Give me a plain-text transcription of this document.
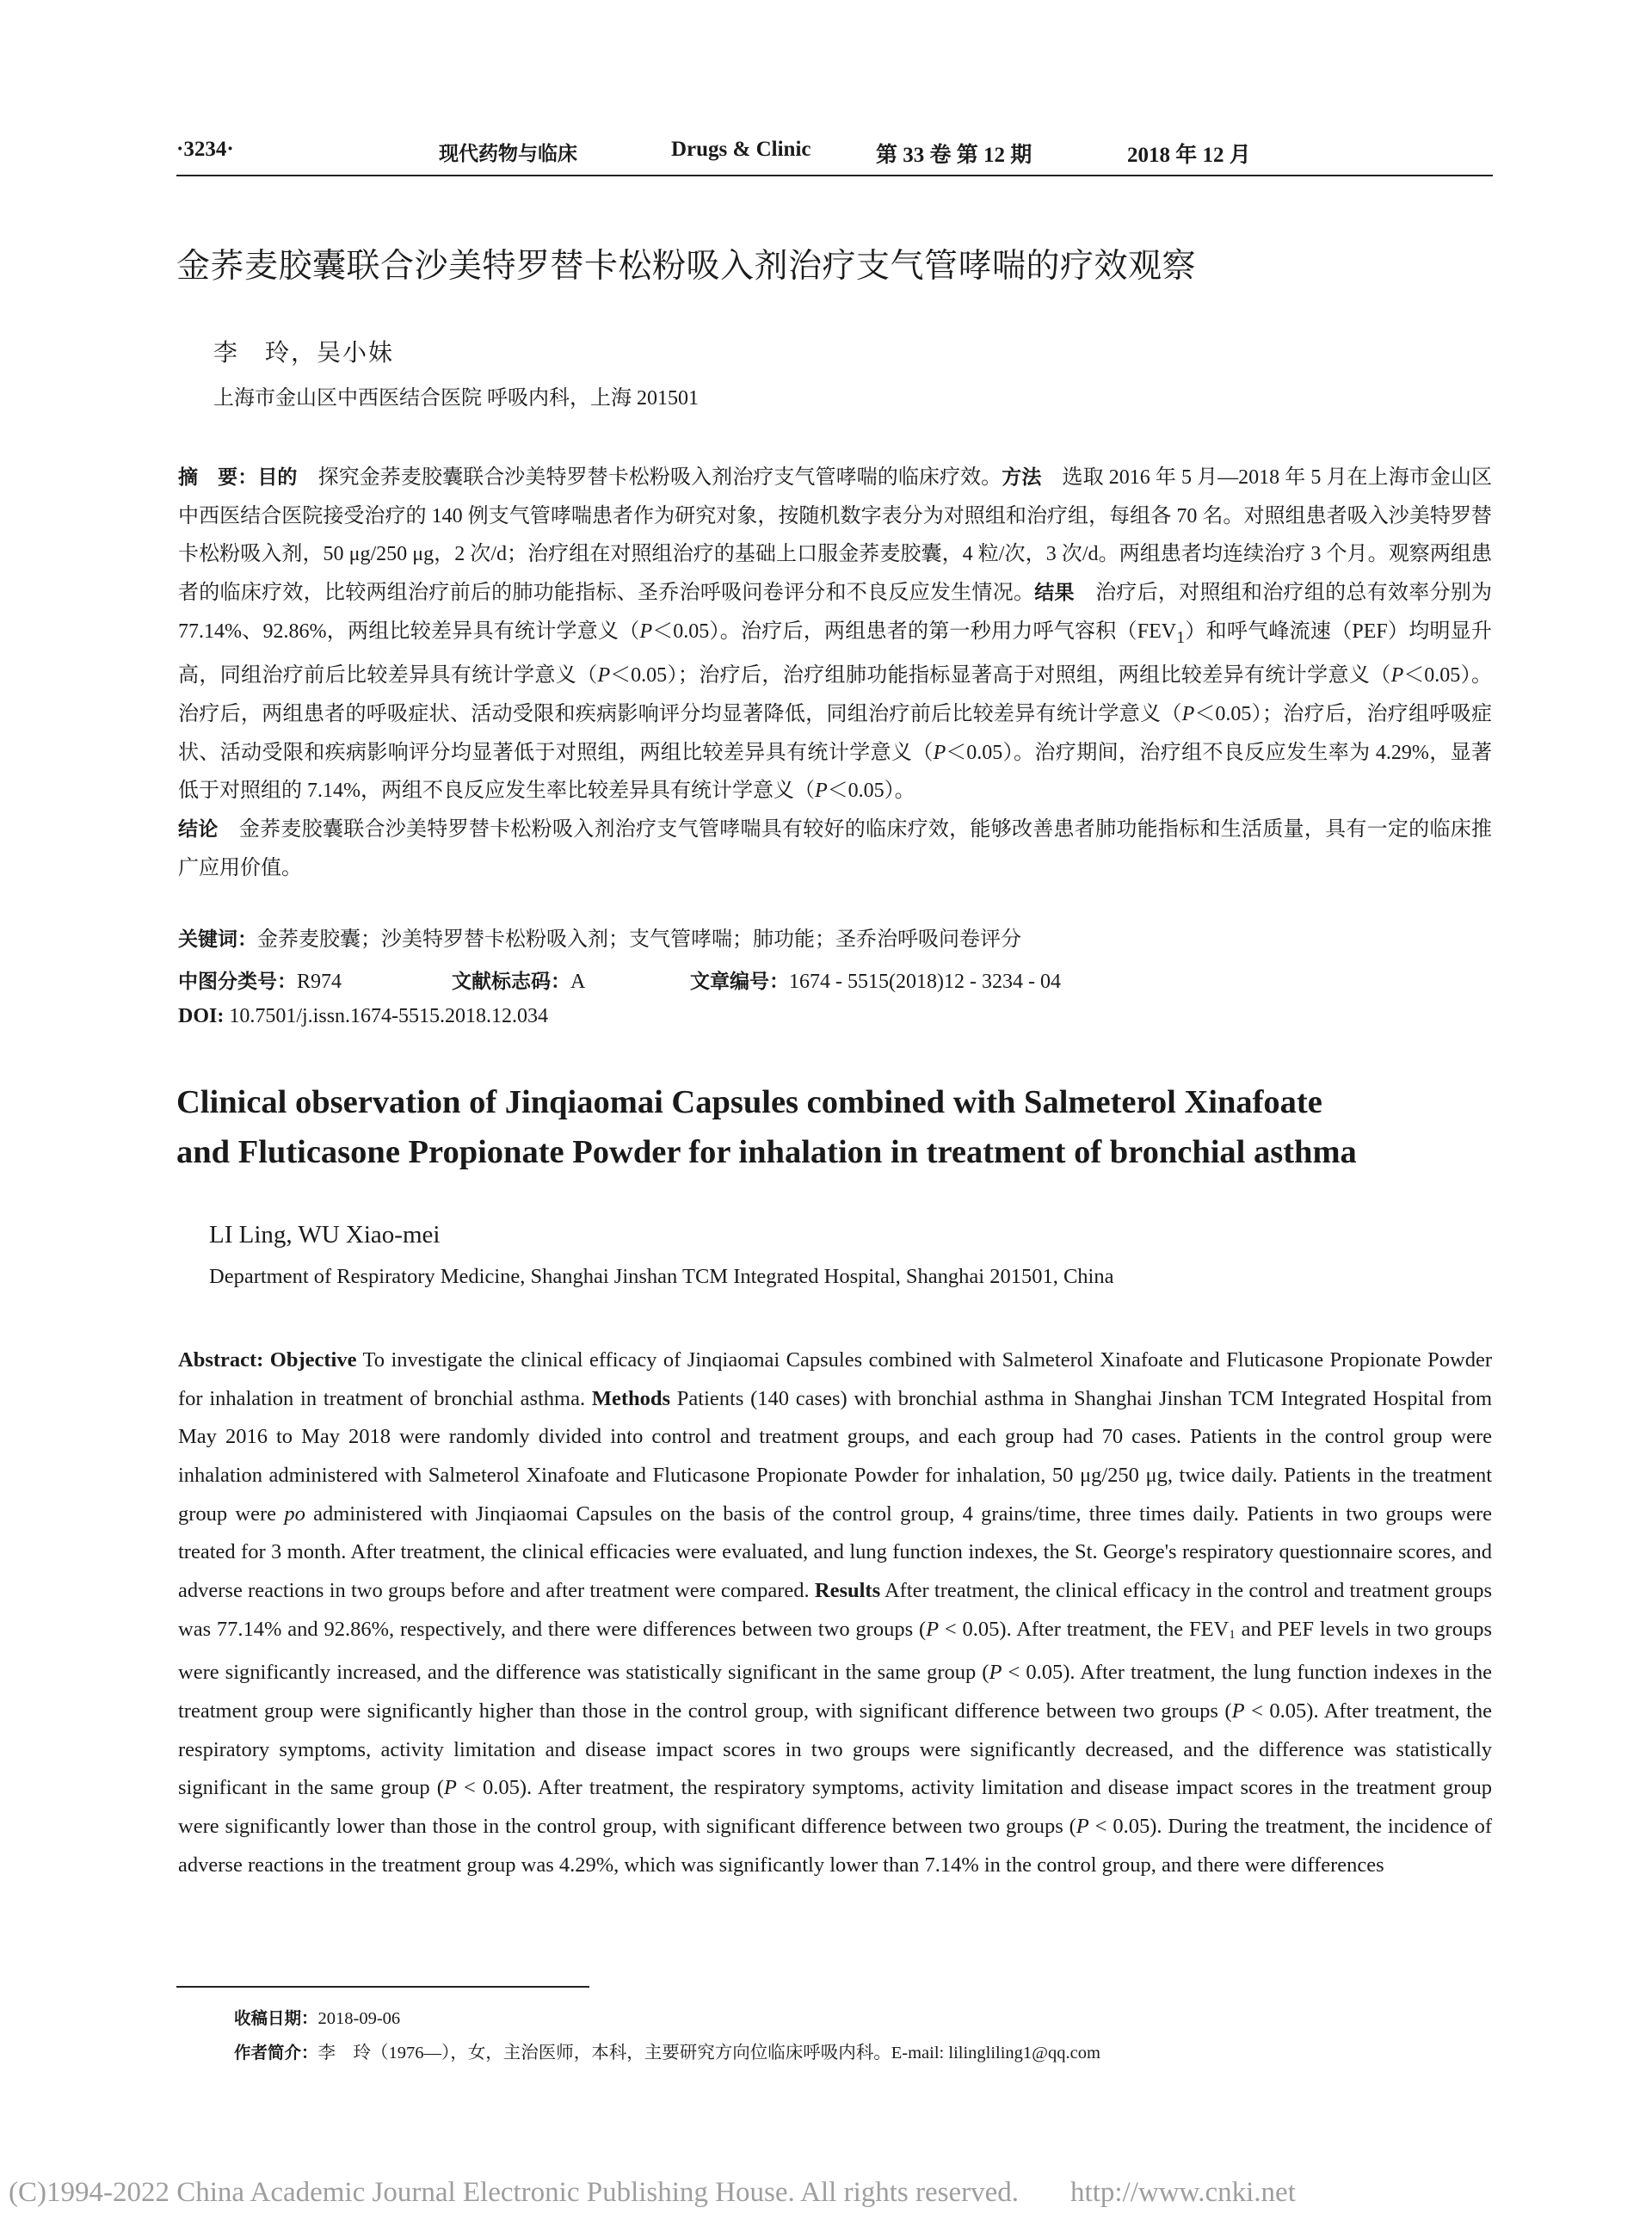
·3234·	现代药物与临床	Drugs & Clinic	第 33 卷 第 12 期	2018 年 12 月
金荞麦胶囊联合沙美特罗替卡松粉吸入剂治疗支气管哮喘的疗效观察
李　玲，吴小妹
上海市金山区中西医结合医院 呼吸内科，上海 201501
摘　要：目的　探究金荞麦胶囊联合沙美特罗替卡松粉吸入剂治疗支气管哮喘的临床疗效。方法　选取 2016 年 5 月—2018 年 5 月在上海市金山区中西医结合医院接受治疗的 140 例支气管哮喘患者作为研究对象，按随机数字表分为对照组和治疗组，每组各 70 名。对照组患者吸入沙美特罗替卡松粉吸入剂，50 μg/250 μg，2 次/d；治疗组在对照组治疗的基础上口服金荞麦胶囊，4 粒/次，3 次/d。两组患者均连续治疗 3 个月。观察两组患者的临床疗效，比较两组治疗前后的肺功能指标、圣乔治呼吸问卷评分和不良反应发生情况。结果　治疗后，对照组和治疗组的总有效率分别为 77.14%、92.86%，两组比较差异具有统计学意义（P＜0.05）。治疗后，两组患者的第一秒用力呼气容积$(FEV_1)$和呼气峰流速（PEF）均明显升高，同组治疗前后比较差异具有统计学意义（P＜0.05）；治疗后，治疗组肺功能指标显著高于对照组，两组比较差异有统计学意义（P＜0.05）。治疗后，两组患者的呼吸症状、活动受限和疾病影响评分均显著降低，同组治疗前后比较差异有统计学意义（P＜0.05）；治疗后，治疗组呼吸症状、活动受限和疾病影响评分均显著低于对照组，两组比较差异具有统计学意义（P＜0.05）。治疗期间，治疗组不良反应发生率为 4.29%，显著低于对照组的 7.14%，两组不良反应发生率比较差异具有统计学意义（P＜0.05）。
结论　金荞麦胶囊联合沙美特罗替卡松粉吸入剂治疗支气管哮喘具有较好的临床疗效，能够改善患者肺功能指标和生活质量，具有一定的临床推广应用价值。
关键词：金荞麦胶囊；沙美特罗替卡松粉吸入剂；支气管哮喘；肺功能；圣乔治呼吸问卷评分
中图分类号：R974	文献标志码：A	文章编号：1674 - 5515(2018)12 - 3234 - 04
DOI: 10.7501/j.issn.1674-5515.2018.12.034
Clinical observation of Jinqiaomai Capsules combined with Salmeterol Xinafoate
and Fluticasone Propionate Powder for inhalation in treatment of bronchial asthma
LI Ling, WU Xiao-mei
Department of Respiratory Medicine, Shanghai Jinshan TCM Integrated Hospital, Shanghai 201501, China
Abstract: Objective To investigate the clinical efficacy of Jinqiaomai Capsules combined with Salmeterol Xinafoate and Fluticasone Propionate Powder for inhalation in treatment of bronchial asthma. Methods Patients (140 cases) with bronchial asthma in Shanghai Jinshan TCM Integrated Hospital from May 2016 to May 2018 were randomly divided into control and treatment groups, and each group had 70 cases. Patients in the control group were inhalation administered with Salmeterol Xinafoate and Fluticasone Propionate Powder for inhalation, 50 μg/250 μg, twice daily. Patients in the treatment group were po administered with Jinqiaomai Capsules on the basis of the control group, 4 grains/time, three times daily. Patients in two groups were treated for 3 month. After treatment, the clinical efficacies were evaluated, and lung function indexes, the St. George's respiratory questionnaire scores, and adverse reactions in two groups before and after treatment were compared. Results After treatment, the clinical efficacy in the control and treatment groups was 77.14% and 92.86%, respectively, and there were differences between two groups (P < 0.05). After treatment, the $FEV_1$ and PEF levels in two groups were significantly increased, and the difference was statistically significant in the same group (P < 0.05). After treatment, the lung function indexes in the treatment group were significantly higher than those in the control group, with significant difference between two groups (P < 0.05). After treatment, the respiratory symptoms, activity limitation and disease impact scores in two groups were significantly decreased, and the difference was statistically significant in the same group (P < 0.05). After treatment, the respiratory symptoms, activity limitation and disease impact scores in the treatment group were significantly lower than those in the control group, with significant difference between two groups (P < 0.05). During the treatment, the incidence of adverse reactions in the treatment group was 4.29%, which was significantly lower than 7.14% in the control group, and there were differences
收稿日期：2018-09-06
作者简介：李　玲（1976—），女，主治医师，本科，主要研究方向位临床呼吸内科。E-mail: lilingliling1@qq.com
(C)1994-2022 China Academic Journal Electronic Publishing House. All rights reserved. http://www.cnki.net
